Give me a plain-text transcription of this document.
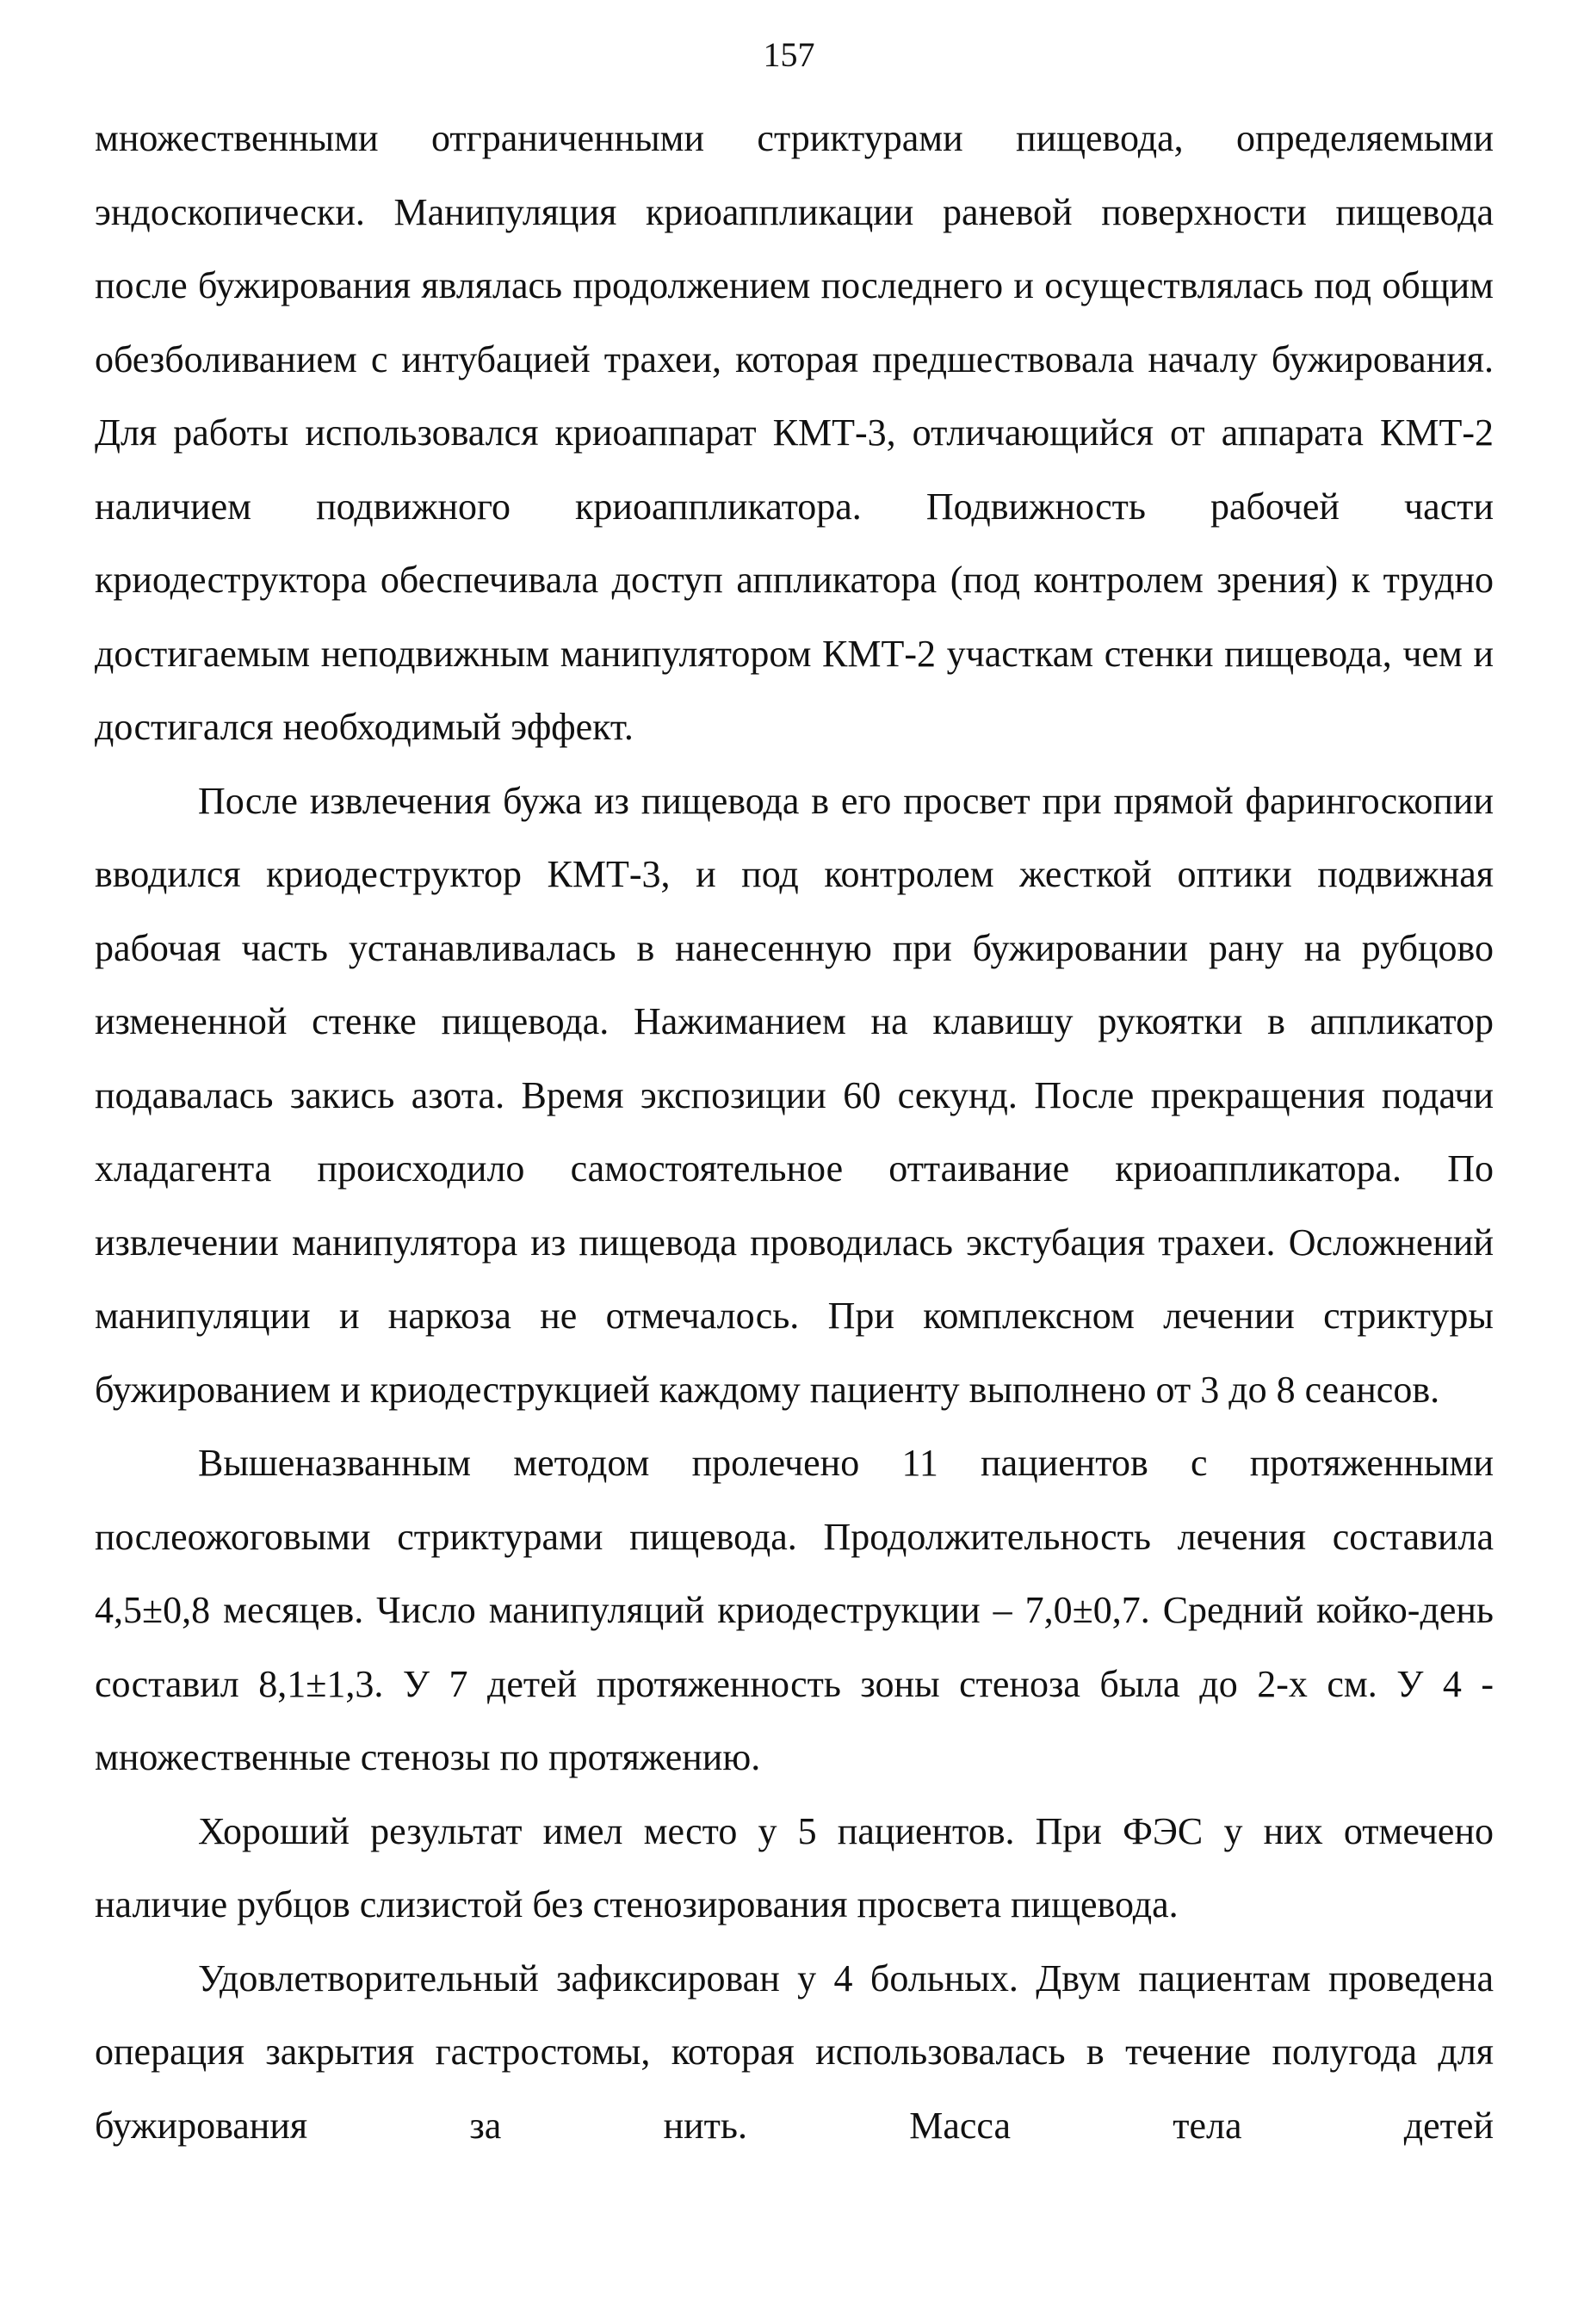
157

множественными отграниченными стриктурами пищевода, определяемыми эндоскопически. Манипуляция криоаппликации раневой поверхности пищевода после бужирования являлась продолжением последнего и осуществлялась под общим обезболиванием с интубацией трахеи, которая предшествовала началу бужирования. Для работы использовался криоаппарат КМТ-3, отличающийся от аппарата КМТ-2 наличием подвижного криоаппликатора. Подвижность рабочей части криодеструктора обеспечивала доступ аппликатора (под контролем зрения) к трудно достигаемым неподвижным манипулятором КМТ-2 участкам стенки пищевода, чем и достигался необходимый эффект.

После извлечения бужа из пищевода в его просвет при прямой фарингоскопии вводился криодеструктор КМТ-3, и под контролем жесткой оптики подвижная рабочая часть устанавливалась в нанесенную при бужировании рану на рубцово измененной стенке пищевода. Нажиманием на клавишу рукоятки в аппликатор подавалась закись азота. Время экспозиции 60 секунд. После прекращения подачи хладагента происходило самостоятельное оттаивание криоаппликатора. По извлечении манипулятора из пищевода проводилась экстубация трахеи. Осложнений манипуляции и наркоза не отмечалось. При комплексном лечении стриктуры бужированием и криодеструкцией каждому пациенту выполнено от 3 до 8 сеансов.

Вышеназванным методом пролечено 11 пациентов с протяженными послеожоговыми стриктурами пищевода. Продолжительность лечения составила 4,5±0,8 месяцев. Число манипуляций криодеструкции – 7,0±0,7. Средний койко-день составил 8,1±1,3. У 7 детей протяженность зоны стеноза была до 2-х см. У 4 - множественные стенозы по протяжению.

Хороший результат имел место у 5 пациентов. При ФЭС у них отмечено наличие рубцов слизистой без стенозирования просвета пищевода.

Удовлетворительный зафиксирован у 4 больных. Двум пациентам проведена операция закрытия гастростомы, которая использовалась в течение полугода для бужирования за нить. Масса тела детей
